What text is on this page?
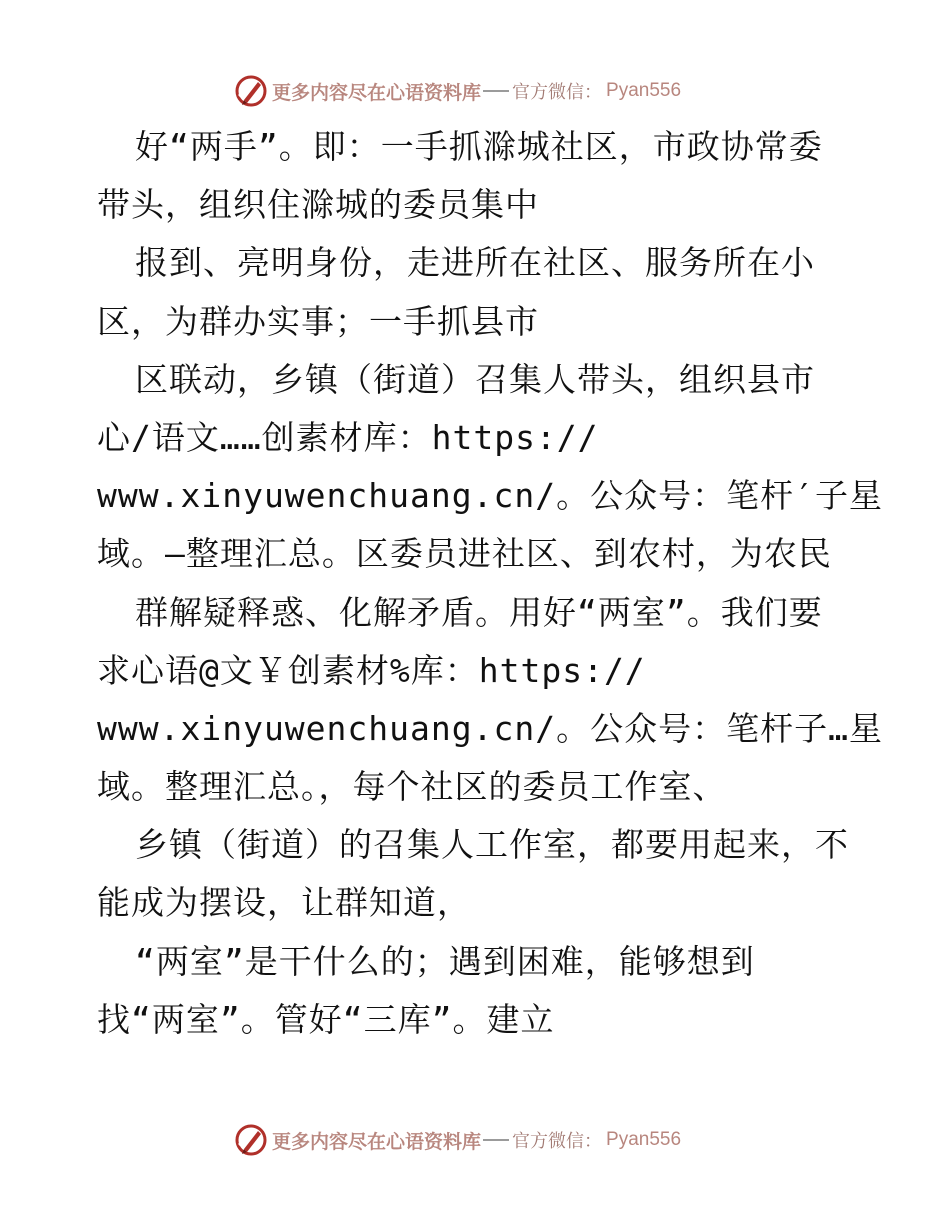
更多内容尽在心语资料库 官方微信： Pyan556
好“两手”。即：一手抓滁城社区，市政协常委
带头，组织住滁城的委员集中
报到、亮明身份，走进所在社区、服务所在小
区，为群办实事；一手抓县市
区联动，乡镇（街道）召集人带头，组织县市
心/语文……创素材库：https://
www.xinyuwenchuang.cn/。公众号：笔杆′子星
域。—整理汇总。区委员进社区、到农村，为农民
群解疑释惑、化解矛盾。用好“两室”。我们要
求心语@文￥创素材%库：https://
www.xinyuwenchuang.cn/。公众号：笔杆子…星
域。整理汇总。，每个社区的委员工作室、
乡镇（街道）的召集人工作室，都要用起来，不
能成为摆设，让群知道，
“两室”是干什么的；遇到困难，能够想到
找“两室”。管好“三库”。建立
更多内容尽在心语资料库 官方微信： Pyan556
